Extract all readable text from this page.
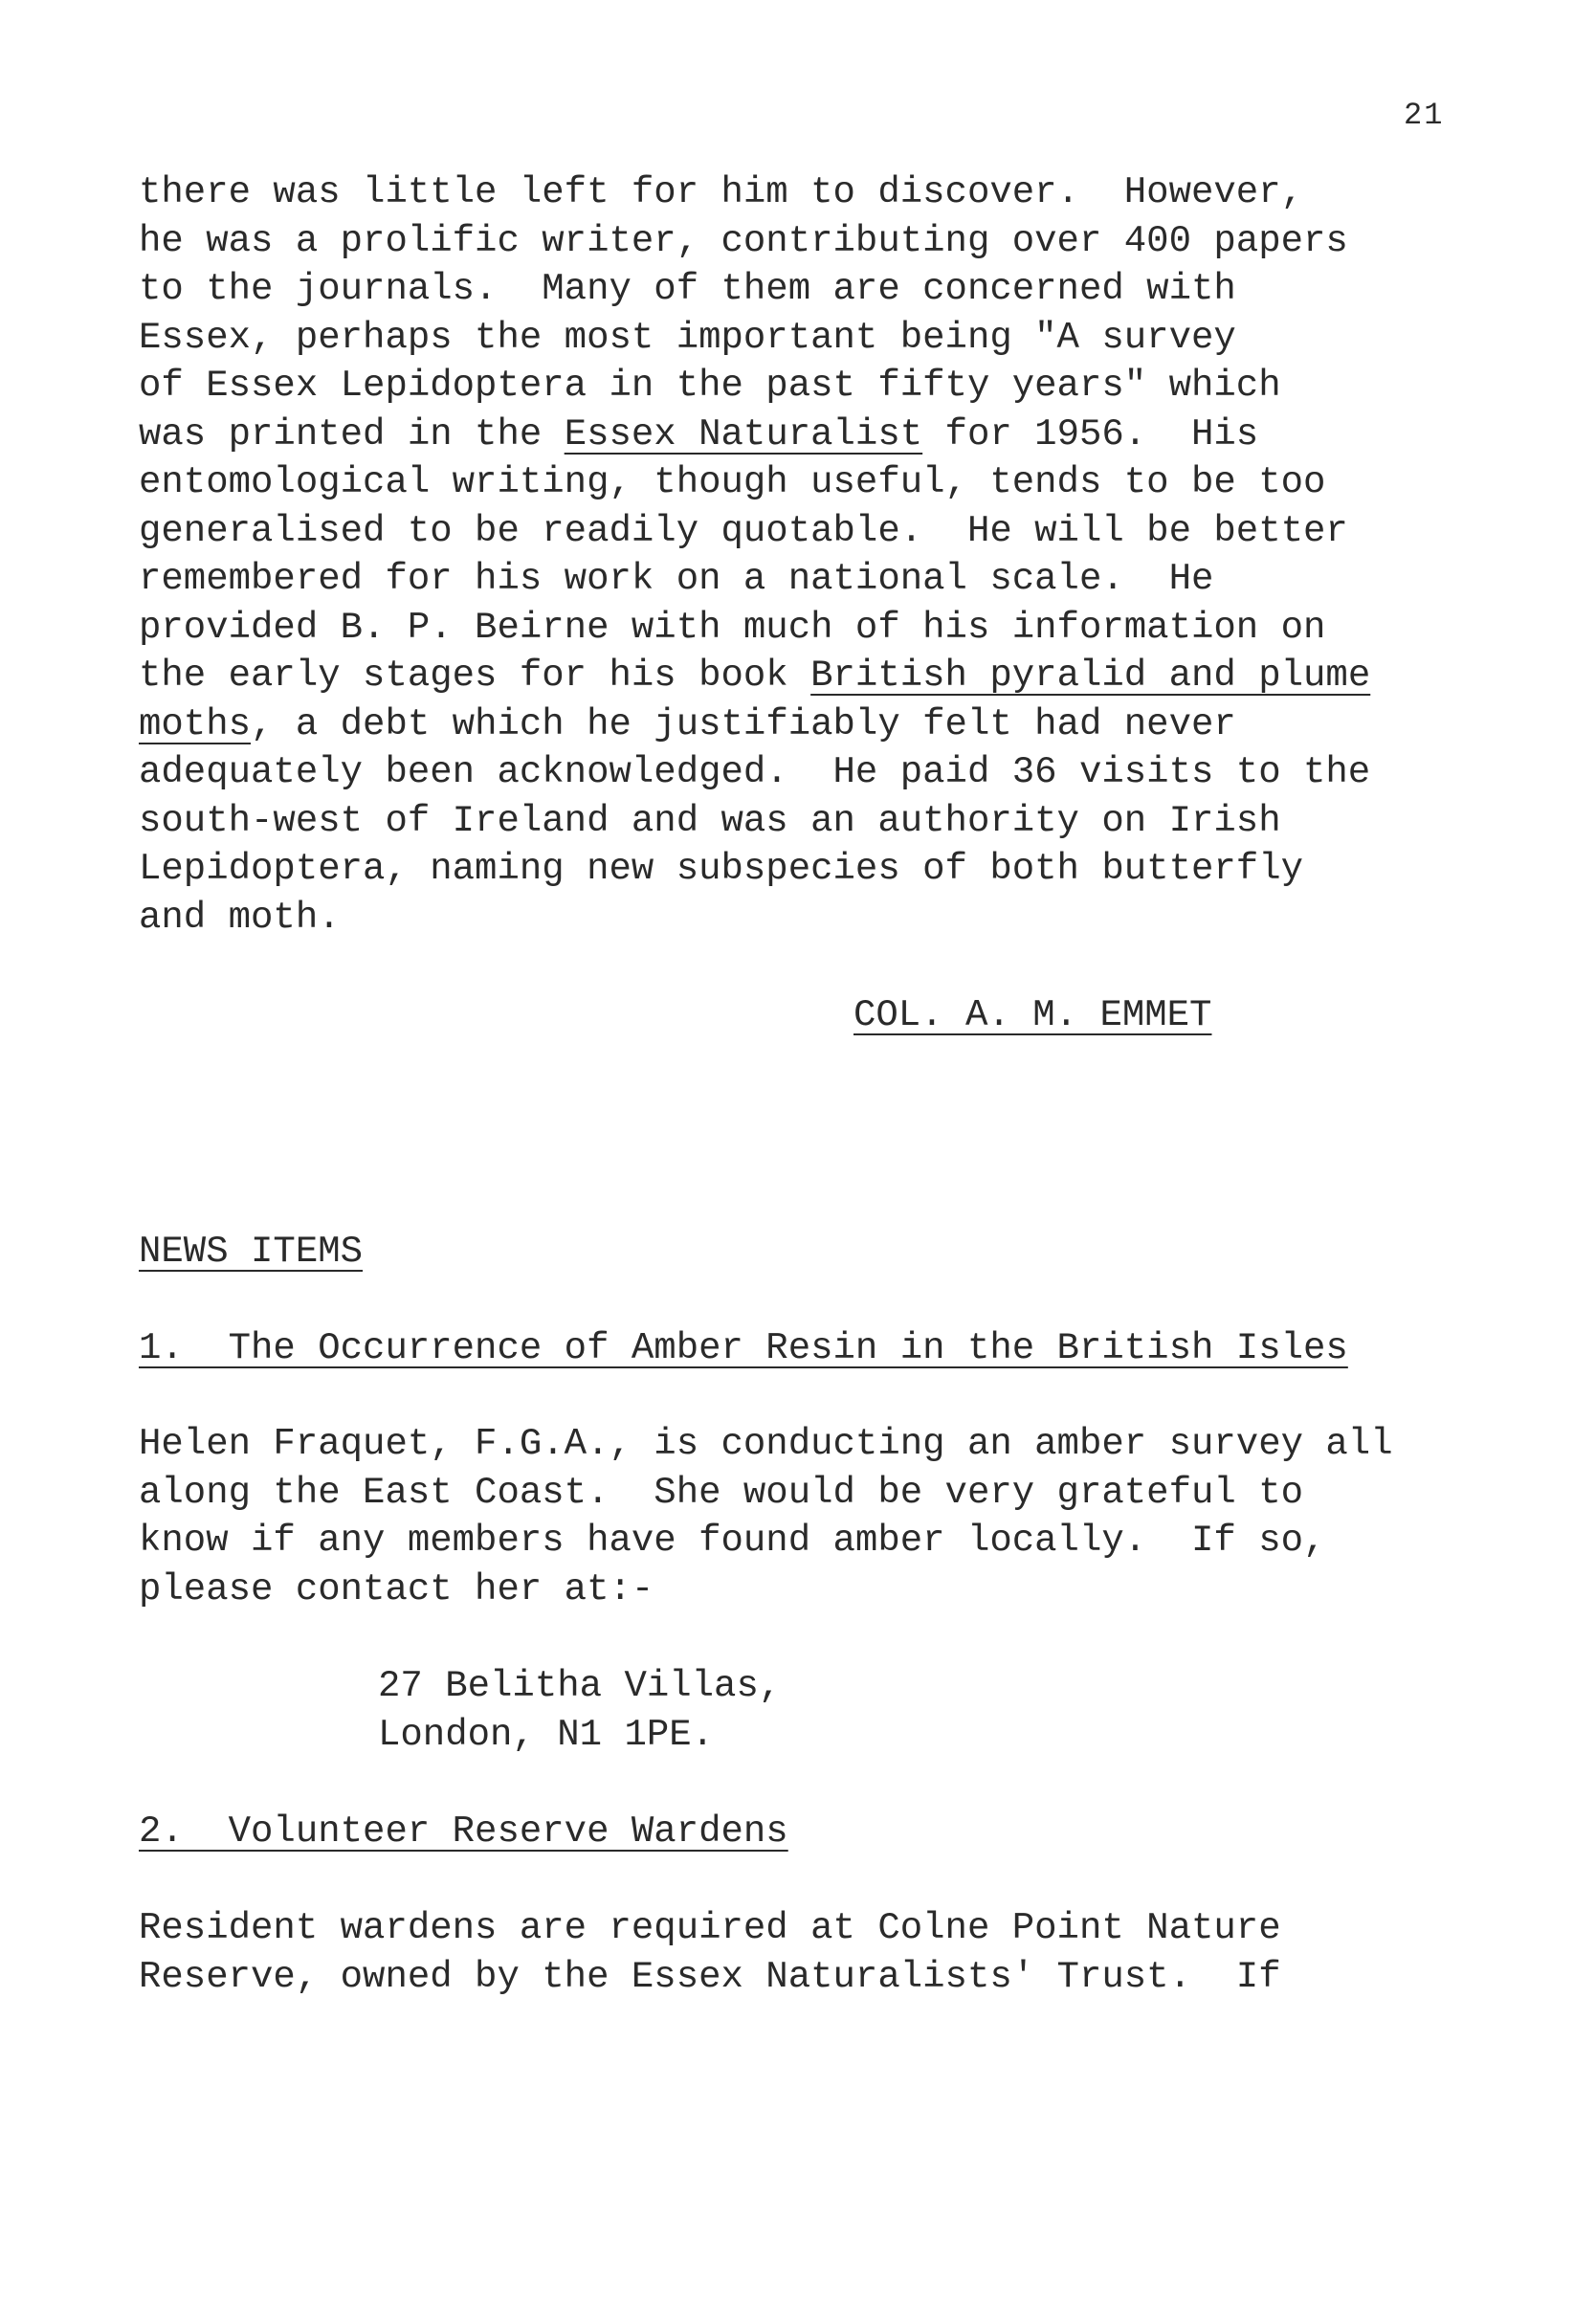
21
there was little left for him to discover.  However,
he was a prolific writer, contributing over 400 papers
to the journals.  Many of them are concerned with
Essex, perhaps the most important being "A survey
of Essex Lepidoptera in the past fifty years" which
was printed in the Essex Naturalist for 1956.  His
entomological writing, though useful, tends to be too
generalised to be readily quotable.  He will be better
remembered for his work on a national scale.  He
provided B. P. Beirne with much of his information on
the early stages for his book British pyralid and plume
moths, a debt which he justifiably felt had never
adequately been acknowledged.  He paid 36 visits to the
south-west of Ireland and was an authority on Irish
Lepidoptera, naming new subspecies of both butterfly
and moth.
COL. A. M. EMMET
NEWS ITEMS
1.  The Occurrence of Amber Resin in the British Isles
Helen Fraquet, F.G.A., is conducting an amber survey all
along the East Coast.  She would be very grateful to
know if any members have found amber locally.  If so,
please contact her at:-
27 Belitha Villas,
London, N1 1PE.
2.  Volunteer Reserve Wardens
Resident wardens are required at Colne Point Nature
Reserve, owned by the Essex Naturalists' Trust.  If
